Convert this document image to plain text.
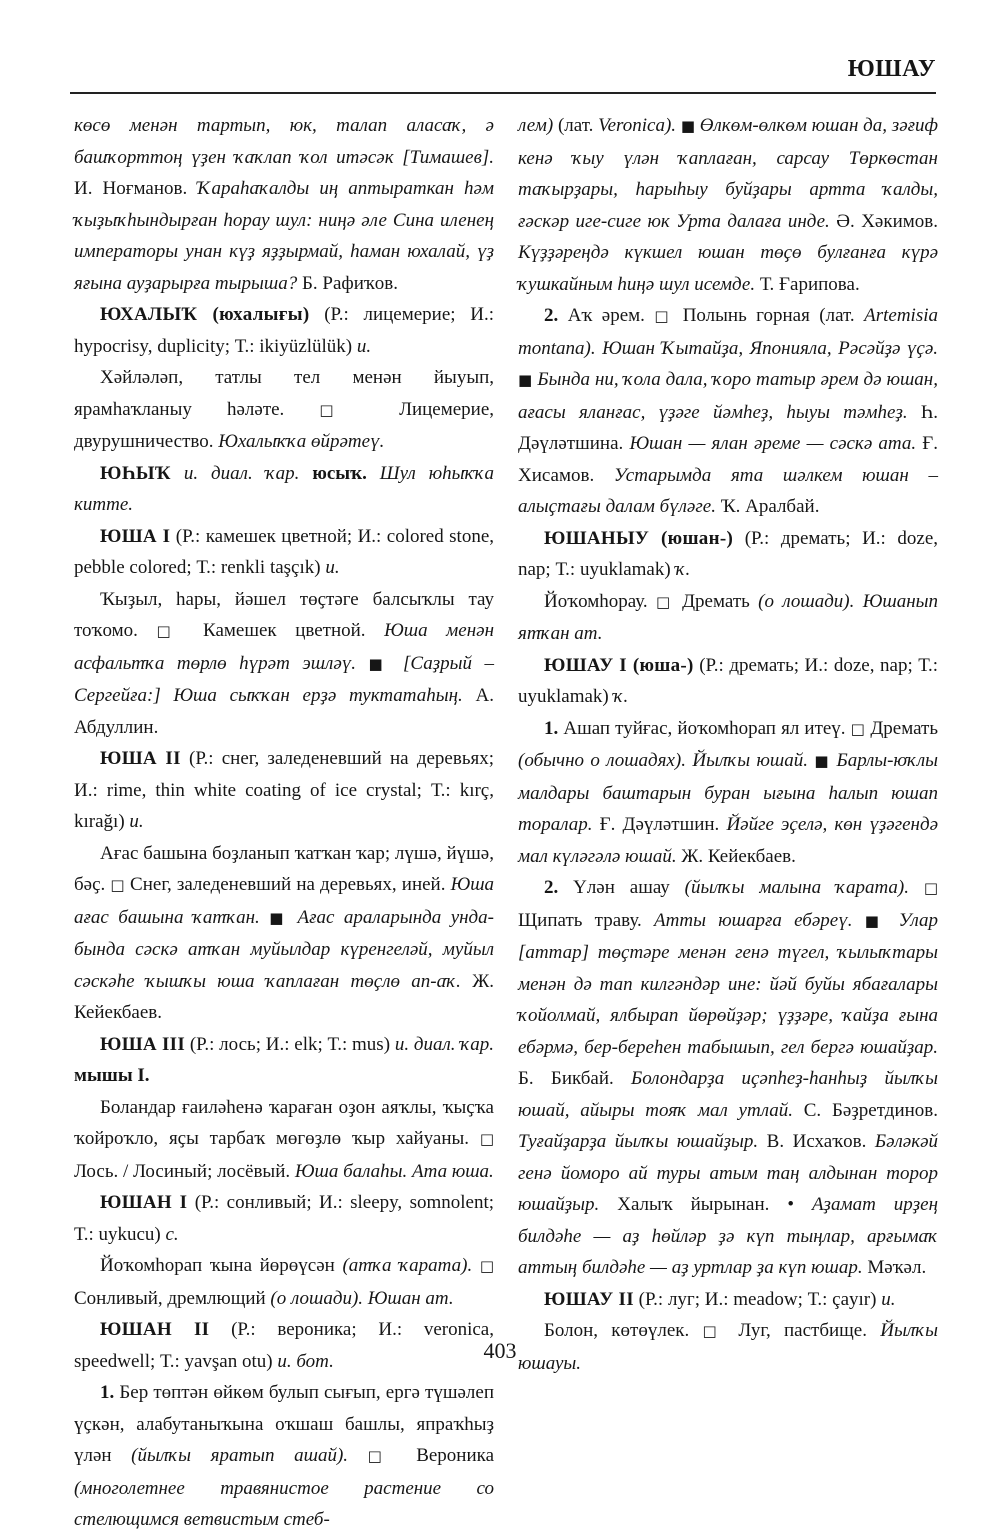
ЮШАУ

көсө менән тартып, юк, талап аласаҡ, ә башҡорттоң үҙен ҡаҡлап ҡол итәсәк [Тимашев]. И. Ноғманов. Ҡараһаҡалды иң аптыраткан һәм ҡыҙыҡһындырған һорау шул: ниңә әле Сина иленең императоры унан күҙ яҙҙырмай, һаман юхалай, үҙ яғына ауҙарырға тырыша? Б. Рафиҡов.

ЮХАЛЫҠ (юхалығы) (Р.: лицемерие; И.: hypocrisy, duplicity; Т.: ikiyüzlülük) и.

Хәйләләп, татлы тел менән йыуып, ярамһаҡланыу һәләте. □ Лицемерие, двурушничество. Юхалыҡҡа өйрәтеү.

ЮҺЫҠ и. диал. ҡар. юсыҡ. Шул юһыҡҡа китте.

ЮША I (Р.: камешек цветной; И.: colored stone, pebble colored; Т.: renkli taşçık) и.

Ҡыҙыл, һары, йәшел төҫтәге балсыҡлы тау тоҡомо. □ Камешек цветной. Юша менән асфальтҡа төрлө һүрәт эшләү. ■ [Саҙрый – Сергейға:] Юша сыҡҡан ерҙә туктатаһың. А. Абдуллин.

ЮША II (Р.: снег, заледеневший на деревьях; И.: rime, thin white coating of ice crystal; Т.: kırç, kırağı) и.

Ағас башына боҙланып ҡатҡан ҡар; лүшә, йүшә, бәҫ. □ Снег, заледеневший на деревьях, иней. Юша ағас башына ҡатҡан. ■ Ағас араларында унда-бында сәскә атҡан муйылдар күренгеләй, муйыл сәскәһе ҡышҡы юша ҡаплаған төҫлө ап-аҡ. Ж. Кейекбаев.

ЮША III (Р.: лось; И.: elk; Т.: mus) и. диал. ҡар. мышы I.

Боландар ғаиләһенә ҡараған оҙон аяҡлы, ҡыҫҡа ҡойроҡло, яҫы тарбаҡ мөгөҙлө ҡыр хайуаны. □ Лось. / Лосиный; лосёвый. Юша балаһы. Ата юша.

ЮШАН I (Р.: сонливый; И.: sleepy, somnolent; Т.: uykucu) с.

Йоҡомһорап ҡына йөрөүсән (атҡа ҡарата). □ Сонливый, дремлющий (о лошади). Юшан ат.

ЮШАН II (Р.: вероника; И.: veronica, speedwell; Т.: yavşan otu) и. бот.

1. Бер төптән өйкөм булып сығып, ергә түшәлеп үҫкән, алабутаныҡына оҡшаш башлы, япраҡһыҙ үлән (йылҡы яратып ашай). □ Вероника (многолетнее травянистое растение со стелющимся ветвистым стеб-

лем) (лат. Veronica). ■ Өлкөм-өлкөм юшан да, зәғиф кенә ҡыу үлән ҡаплаған, сарсау Төркөстан таҡырҙары, һарыһыу буйҙары артта ҡалды, ғәскәр иге-сиге юк Урта далаға инде. Ә. Хәкимов. Күҙҙәреңдә күкшел юшан төҫө булғанға күрә ҡушкайным һиңә шул исемде. Т. Ғарипова.

2. Аҡ әрем. □ Полынь горная (лат. Artemisia montana). Юшан Ҡытайҙа, Японияла, Рәсәйҙә үҫә. ■ Бында ни, ҡола дала, ҡоро татыр әрем дә юшан, ағасы яланғас, үҙәге йәмһеҙ, һыуы тәмһеҙ. Һ. Дәүләтшина. Юшан — ялан әреме — сәскә ата. Ғ. Хисамов. Устарымда ята шәлкем юшан – алыҫтағы далам бүләге. Ҡ. Аралбай.

ЮШАНЫУ (юшан-) (Р.: дремать; И.: doze, nap; Т.: uyuklamak) ҡ.

Йоҡомһорау. □ Дремать (о лошади). Юшанып ятҡан ат.

ЮШАУ I (юша-) (Р.: дремать; И.: doze, nap; Т.: uyuklamak) ҡ.

1. Ашап туйғас, йоҡомһорап ял итеү. □ Дремать (обычно о лошадях). Йылҡы юшай. ■ Барлы-юҡлы малдары баштарын буран ығына һалып юшап торалар. Ғ. Дәүләтшин. Йәйге эҫелә, көн үҙәгендә мал күләгәлә юшай. Ж. Кейекбаев.

2. Үлән ашау (йылҡы малына ҡарата). □ Щипать траву. Атты юшарға ебәреү. ■ Улар [аттар] төҫтәре менән генә түгел, ҡылыҡтары менән дә тап килгәндәр ине: йәй буйы ябағалары ҡойолмай, ялбырап йөрөйҙәр; үҙҙәре, ҡайҙа ғына ебәрмә, бер-береһен табышып, гел бергә юшайҙар. Б. Бикбай. Болондарҙа иҫәпһеҙ-һанһыҙ йылҡы юшай, айыры тояҡ мал утлай. С. Бәҙретдинов. Туғайҙарҙа йылҡы юшайҙыр. В. Исхаҡов. Бәләкәй генә йоморо ай туры атым таң алдынан торop юшайҙыр. Халыҡ йырынан. • Аҙамат ирҙең билдәһе — аҙ һөйләр ҙә күп тыңлар, арғымаҡ аттың билдәһе — аҙ уртлар ҙа күп юшар. Мәҡәл.

ЮШАУ II (Р.: луг; И.: meadow; Т.: çayır) и.

Болон, көтөүлек. □ Луг, пастбище. Йылҡы юшауы.

403
